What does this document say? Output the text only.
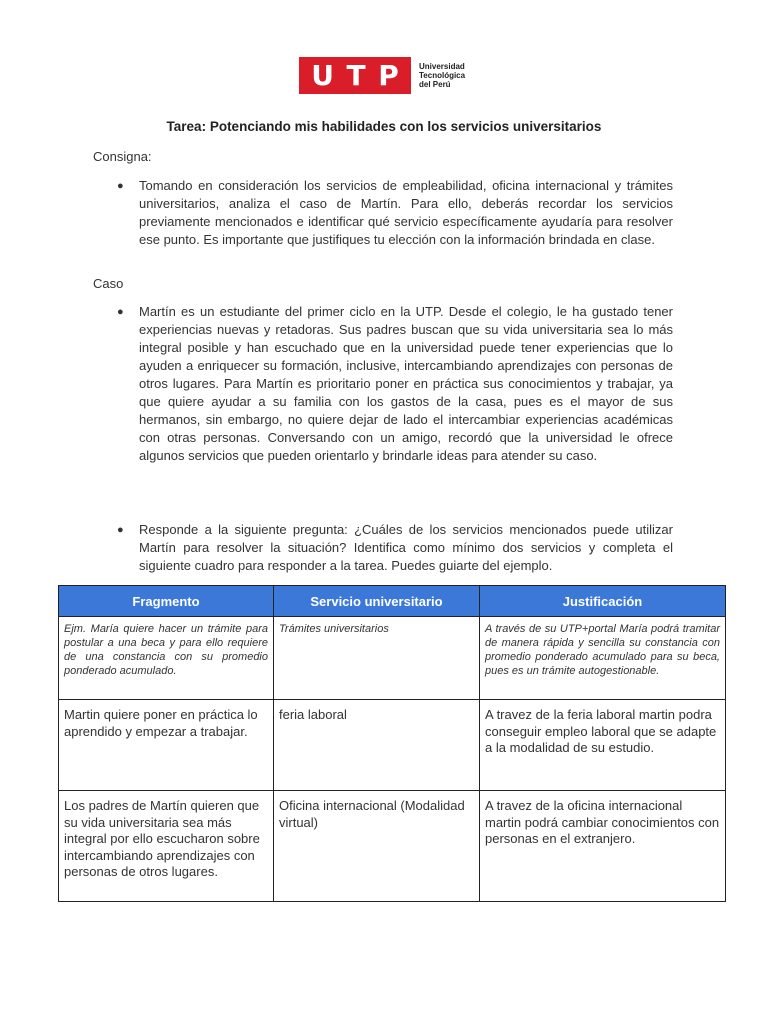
U T P	Universidad
Tecnológica
del Perú
Tarea: Potenciando mis habilidades con los servicios universitarios
Consigna:
●	Tomando en consideración los servicios de empleabilidad, oficina internacional y trámites universitarios, analiza el caso de Martín. Para ello, deberás recordar los servicios previamente mencionados e identificar qué servicio específicamente ayudaría para resolver ese punto. Es importante que justifiques tu elección con la información brindada en clase.
Caso
●	Martín es un estudiante del primer ciclo en la UTP. Desde el colegio, le ha gustado tener experiencias nuevas y retadoras. Sus padres buscan que su vida universitaria sea lo más integral posible y han escuchado que en la universidad puede tener experiencias que lo ayuden a enriquecer su formación, inclusive, intercambiando aprendizajes con personas de otros lugares. Para Martín es prioritario poner en práctica sus conocimientos y trabajar, ya que quiere ayudar a su familia con los gastos de la casa, pues es el mayor de sus hermanos, sin embargo, no quiere dejar de lado el intercambiar experiencias académicas con otras personas. Conversando con un amigo, recordó que la universidad le ofrece algunos servicios que pueden orientarlo y brindarle ideas para atender su caso.
●	Responde a la siguiente pregunta: ¿Cuáles de los servicios mencionados puede utilizar Martín para resolver la situación? Identifica como mínimo dos servicios y completa el siguiente cuadro para responder a la tarea. Puedes guiarte del ejemplo.
Fragmento	Servicio universitario	Justificación
Ejm. María quiere hacer un trámite para postular a una beca y para ello requiere de una constancia con su promedio ponderado acumulado.	Trámites universitarios	A través de su UTP+portal María podrá tramitar de manera rápida y sencilla su constancia con promedio ponderado acumulado para su beca, pues es un trámite autogestionable.
Martin quiere poner en práctica lo aprendido y empezar a trabajar.	feria laboral	A travez de la feria laboral martin podra conseguir empleo laboral que se adapte a la modalidad de su estudio.
Los padres de Martín quieren que su vida universitaria sea más integral por ello escucharon sobre intercambiando aprendizajes con personas de otros lugares.	Oficina internacional (Modalidad virtual)	A travez de la oficina internacional martin podrá cambiar conocimientos con personas en el extranjero.
